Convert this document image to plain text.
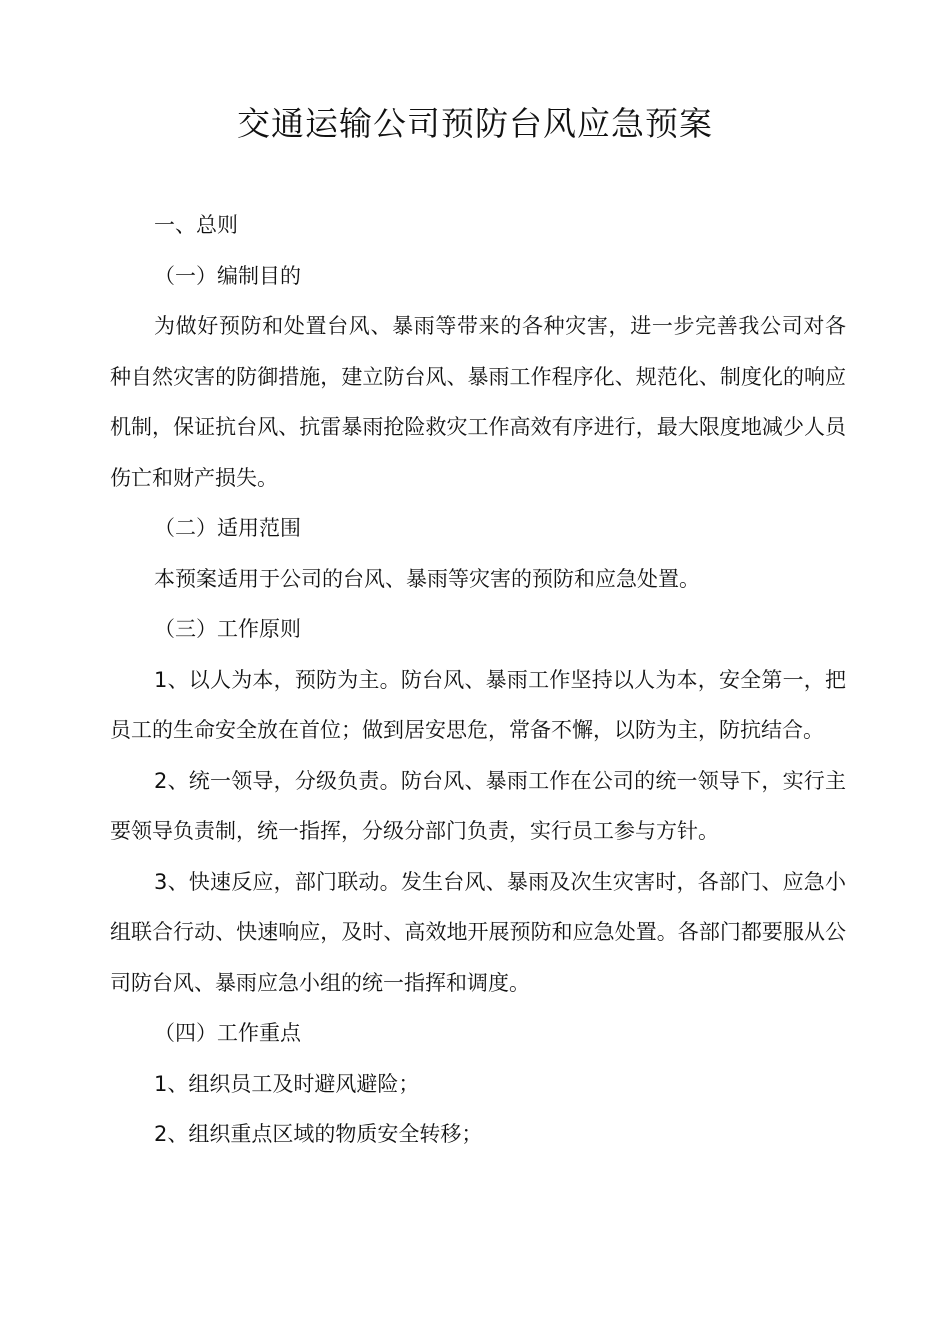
交通运输公司预防台风应急预案

一、总则

（一）编制目的

为做好预防和处置台风、暴雨等带来的各种灾害，进一步完善我公司对各种自然灾害的防御措施，建立防台风、暴雨工作程序化、规范化、制度化的响应机制，保证抗台风、抗雷暴雨抢险救灾工作高效有序进行，最大限度地减少人员伤亡和财产损失。

（二）适用范围

本预案适用于公司的台风、暴雨等灾害的预防和应急处置。

（三）工作原则

1、以人为本，预防为主。防台风、暴雨工作坚持以人为本，安全第一，把员工的生命安全放在首位；做到居安思危，常备不懈，以防为主，防抗结合。

2、统一领导，分级负责。防台风、暴雨工作在公司的统一领导下，实行主要领导负责制，统一指挥，分级分部门负责，实行员工参与方针。

3、快速反应，部门联动。发生台风、暴雨及次生灾害时，各部门、应急小组联合行动、快速响应，及时、高效地开展预防和应急处置。各部门都要服从公司防台风、暴雨应急小组的统一指挥和调度。

（四）工作重点

1、组织员工及时避风避险；

2、组织重点区域的物质安全转移；
